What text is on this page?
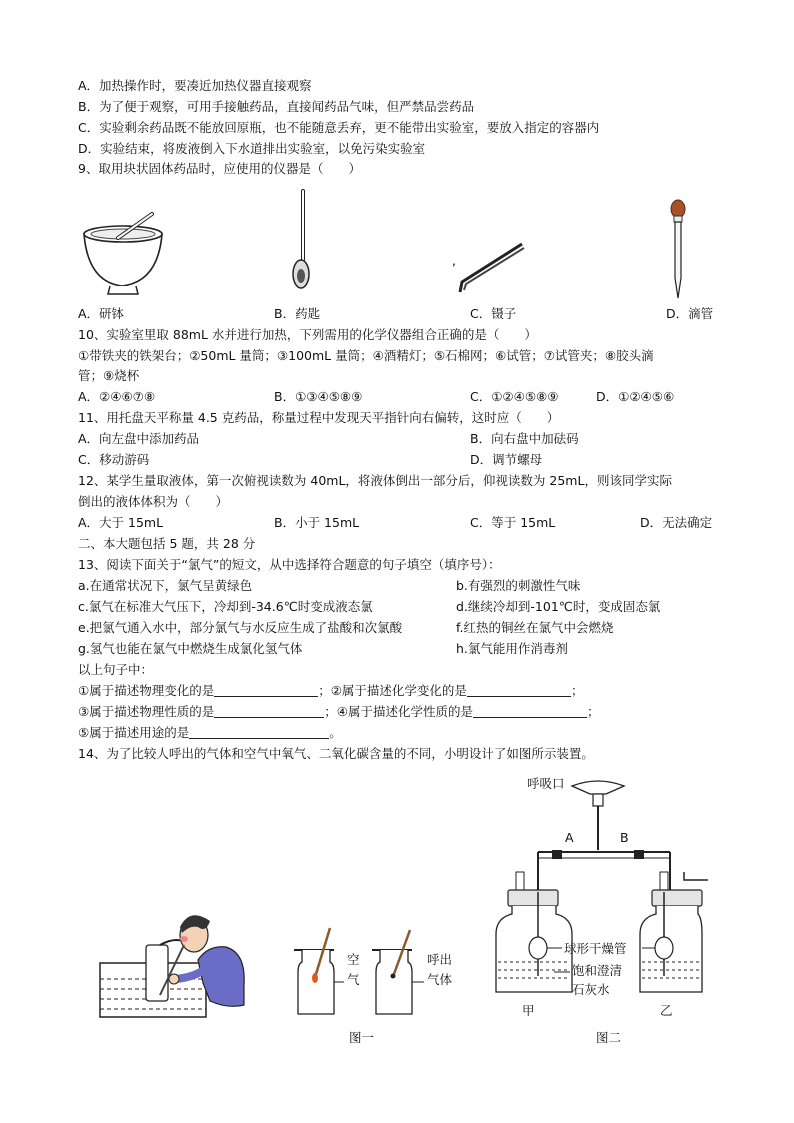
A．加热操作时，要凑近加热仪器直接观察
B．为了便于观察，可用手接触药品，直接闻药品气味，但严禁品尝药品
C．实验剩余药品既不能放回原瓶，也不能随意丢弃，更不能带出实验室，要放入指定的容器内
D．实验结束，将废液倒入下水道排出实验室，以免污染实验室
9、取用块状固体药品时，应使用的仪器是（　　）
,
A．研钵	B．药匙	C．镊子	D．滴管
10、实验室里取 88mL 水并进行加热，下列需用的化学仪器组合正确的是（　　）
①带铁夹的铁架台；②50mL 量筒；③100mL 量筒；④酒精灯；⑤石棉网；⑥试管；⑦试管夹；⑧胶头滴
管；⑨烧杯
A．②④⑥⑦⑧	B．①③④⑤⑧⑨	C．①②④⑤⑧⑨	D．①②④⑤⑥
11、用托盘天平称量 4.5 克药品，称量过程中发现天平指针向右偏转，这时应（　　）
A．向左盘中添加药品	B．向右盘中加砝码
C．移动游码	D．调节螺母
12、某学生量取液体，第一次俯视读数为 40mL，将液体倒出一部分后，仰视读数为 25mL，则该同学实际
倒出的液体体积为（　　）
A．大于 15mL	B．小于 15mL	C．等于 15mL	D．无法确定
二、本大题包括 5 题，共 28 分
13、阅读下面关于“氯气”的短文，从中选择符合题意的句子填空（填序号）：
a.在通常状况下，氯气呈黄绿色	b.有强烈的刺激性气味
c.氯气在标准大气压下，冷却到-34.6℃时变成液态氯	d.继续冷却到-101℃时，变成固态氯
e.把氯气通入水中，部分氯气与水反应生成了盐酸和次氯酸	f.红热的铜丝在氯气中会燃烧
g.氢气也能在氯气中燃烧生成氯化氢气体	h.氯气能用作消毒剂
以上句子中：
①属于描述物理变化的是	；②属于描述化学变化的是	；
③属于描述物理性质的是	；④属于描述化学性质的是	；
⑤属于描述用途的是	。
14、为了比较人呼出的气体和空气中氧气、二氧化碳含量的不同，小明设计了如图所示装置。
空
气
呼出
气体
图一
A	B
球形干燥管
饱和澄清
石灰水
甲	乙
呼吸口
图二
